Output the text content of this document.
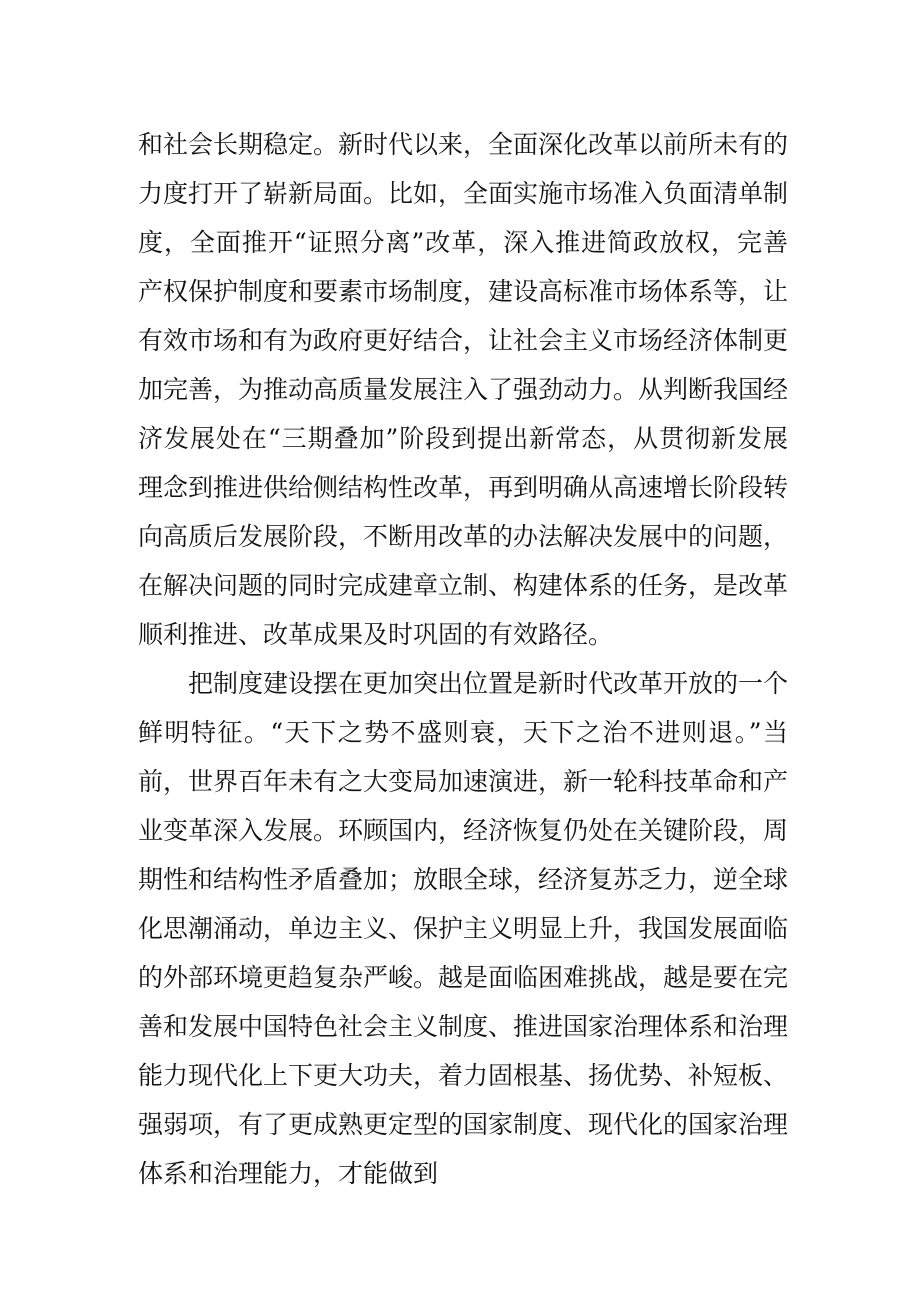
和社会长期稳定。新时代以来，全面深化改革以前所未有的
力度打开了崭新局面。比如，全面实施市场准入负面清单制
度，全面推开“证照分离”改革，深入推进简政放权，完善
产权保护制度和要素市场制度，建设高标准市场体系等，让
有效市场和有为政府更好结合，让社会主义市场经济体制更
加完善，为推动高质量发展注入了强劲动力。从判断我国经
济发展处在“三期叠加”阶段到提出新常态，从贯彻新发展
理念到推进供给侧结构性改革，再到明确从高速增长阶段转
向高质后发展阶段，不断用改革的办法解决发展中的问题，
在解决问题的同时完成建章立制、构建体系的任务，是改革
顺利推进、改革成果及时巩固的有效路径。
把制度建设摆在更加突出位置是新时代改革开放的一个
鲜明特征。“天下之势不盛则衰，天下之治不进则退。”当
前，世界百年未有之大变局加速演进，新一轮科技革命和产
业变革深入发展。环顾国内，经济恢复仍处在关键阶段，周
期性和结构性矛盾叠加；放眼全球，经济复苏乏力，逆全球
化思潮涌动，单边主义、保护主义明显上升，我国发展面临
的外部环境更趋复杂严峻。越是面临困难挑战，越是要在完
善和发展中国特色社会主义制度、推进国家治理体系和治理
能力现代化上下更大功夫，着力固根基、扬优势、补短板、
强弱项，有了更成熟更定型的国家制度、现代化的国家治理
体系和治理能力，才能做到
